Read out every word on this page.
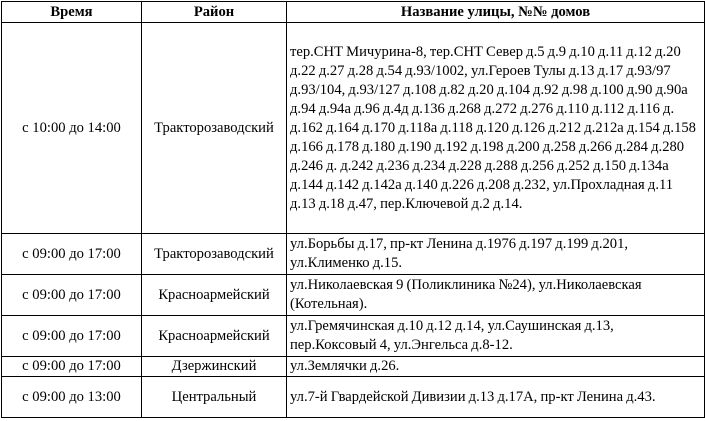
Время	Район	Название улицы, №№ домов
с 10:00 до 14:00	Тракторозаводский	тер.СНТ Мичурина-8, тер.СНТ Север д.5 д.9 д.10 д.11 д.12 д.20 д.22 д.27 д.28 д.54 д.93/1002, ул.Героев Тулы д.13 д.17 д.93/97 д.93/104, д.93/127 д.108 д.82 д.20 д.104 д.92 д.98 д.100 д.90 д.90а д.94 д.94а д.96 д.4д д.136 д.268 д.272 д.276 д.110 д.112 д.116 д. д.162 д.164 д.170 д.118а д.118 д.120 д.126 д.212 д.212а д.154 д.158 д.166 д.178 д.180 д.190 д.192 д.198 д.200 д.258 д.266 д.284 д.280 д.246 д. д.242 д.236 д.234 д.228 д.288 д.256 д.252 д.150 д.134а д.144 д.142 д.142а д.140 д.226 д.208 д.232, ул.Прохладная д.11 д.13 д.18 д.47, пер.Ключевой д.2 д.14.
с 09:00 до 17:00	Тракторозаводский	ул.Борьбы д.17, пр-кт Ленина д.1976 д.197 д.199 д.201, ул.Клименко д.15.
с 09:00 до 17:00	Красноармейский	ул.Николаевская 9 (Поликлиника №24), ул.Николаевская (Котельная).
с 09:00 до 17:00	Красноармейский	ул.Гремячинская д.10 д.12 д.14, ул.Саушинская д.13, пер.Коксовый 4, ул.Энгельса д.8-12.
с 09:00 до 17:00	Дзержинский	ул.Землячки д.26.
с 09:00 до 13:00	Центральный	ул.7-й Гвардейской Дивизии д.13 д.17А, пр-кт Ленина д.43.
